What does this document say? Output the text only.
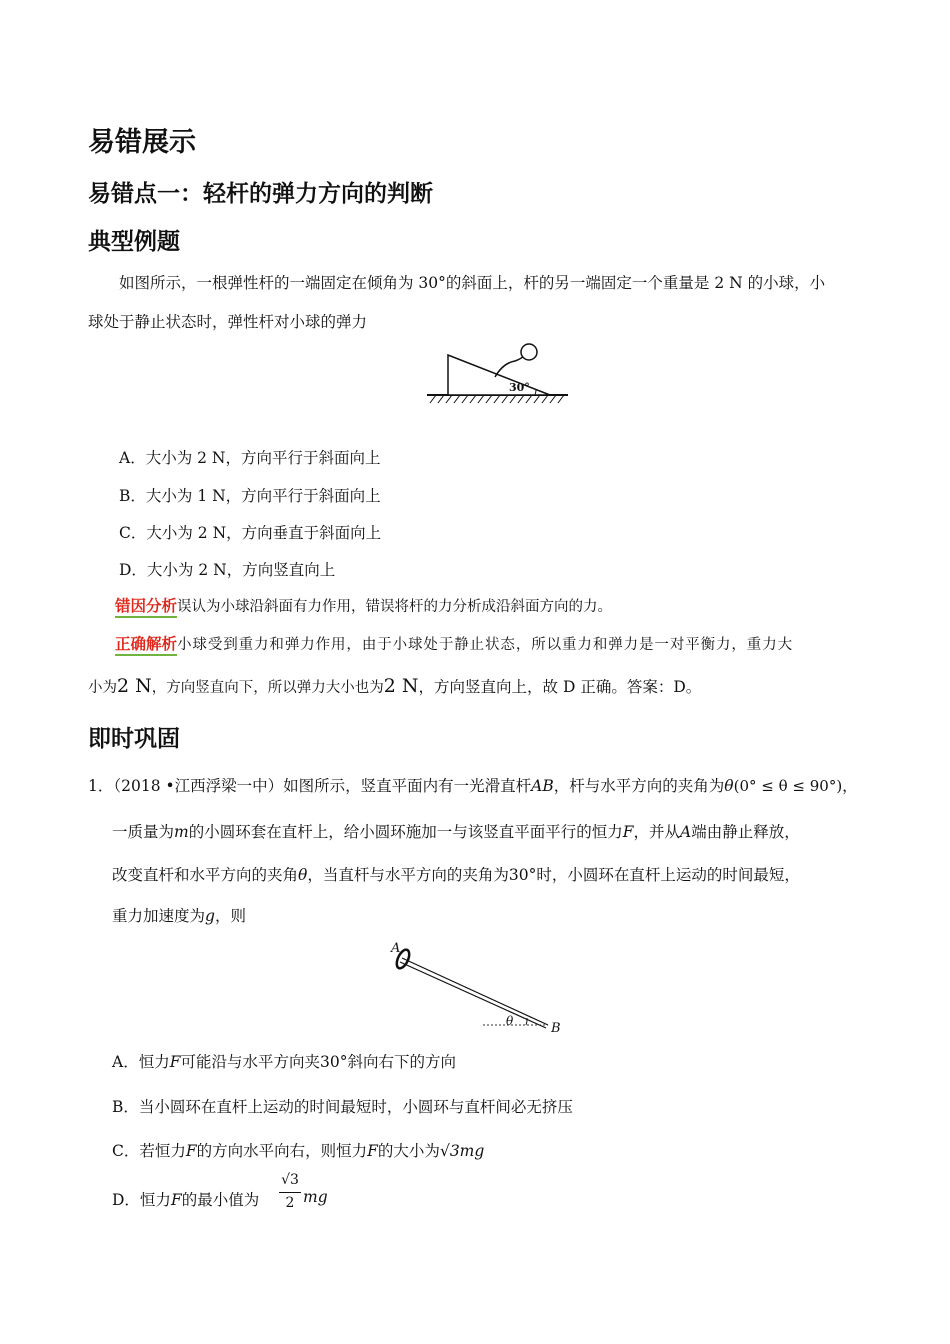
易错展示
易错点一：轻杆的弹力方向的判断
典型例题
如图所示，一根弹性杆的一端固定在倾角为 30°的斜面上，杆的另一端固定一个重量是 2 N 的小球，小
球处于静止状态时，弹性杆对小球的弹力
30°
A．大小为 2 N，方向平行于斜面向上
B．大小为 1 N，方向平行于斜面向上
C．大小为 2 N，方向垂直于斜面向上
D．大小为 2 N，方向竖直向上
错因分析误认为小球沿斜面有力作用，错误将杆的力分析成沿斜面方向的力。
正确解析小球受到重力和弹力作用，由于小球处于静止状态，所以重力和弹力是一对平衡力，重力大
小为2 N，方向竖直向下，所以弹力大小也为2 N，方向竖直向上，故 D 正确。答案：D。
即时巩固
1．（2018 •江西浮梁一中）如图所示，竖直平面内有一光滑直杆AB，杆与水平方向的夹角为θ(0° ≤ θ ≤ 90°)，
一质量为m的小圆环套在直杆上，给小圆环施加一与该竖直平面平行的恒力F，并从A端由静止释放，
改变直杆和水平方向的夹角θ，当直杆与水平方向的夹角为30°时，小圆环在直杆上运动的时间最短，
重力加速度为g，则
A
B
θ
A．恒力F可能沿与水平方向夹30°斜向右下的方向
B．当小圆环在直杆上运动的时间最短时，小圆环与直杆间必无挤压
C．若恒力F的方向水平向右，则恒力F的大小为√3mg
D．恒力F的最小值为
√3
2 mg
